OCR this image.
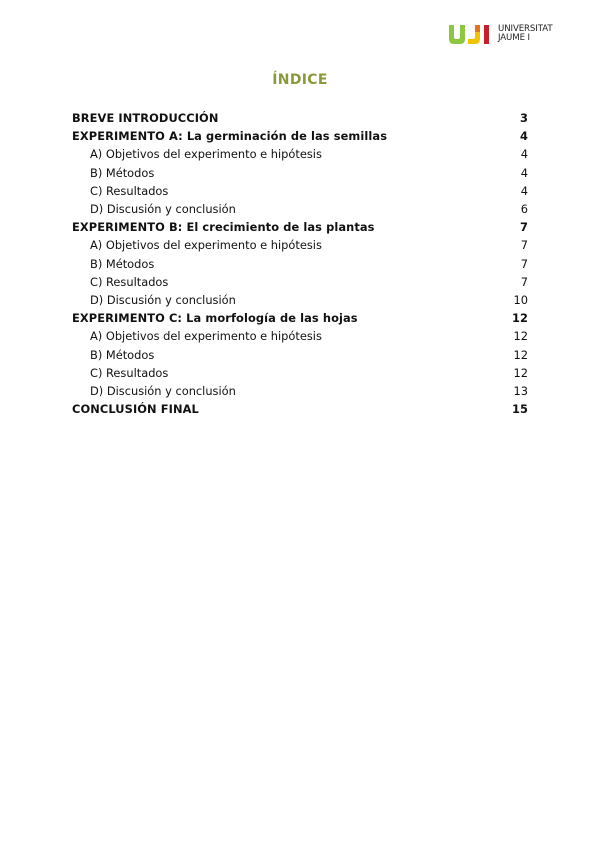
UNIVERSITAT
JAUME I
ÍNDICE
BREVE INTRODUCCIÓN	3
EXPERIMENTO A: La germinación de las semillas	4
A) Objetivos del experimento e hipótesis	4
B) Métodos	4
C) Resultados	4
D) Discusión y conclusión	6
EXPERIMENTO B: El crecimiento de las plantas	7
A) Objetivos del experimento e hipótesis	7
B) Métodos	7
C) Resultados	7
D) Discusión y conclusión	10
EXPERIMENTO C: La morfología de las hojas	12
A) Objetivos del experimento e hipótesis	12
B) Métodos	12
C) Resultados	12
D) Discusión y conclusión	13
CONCLUSIÓN FINAL	15
